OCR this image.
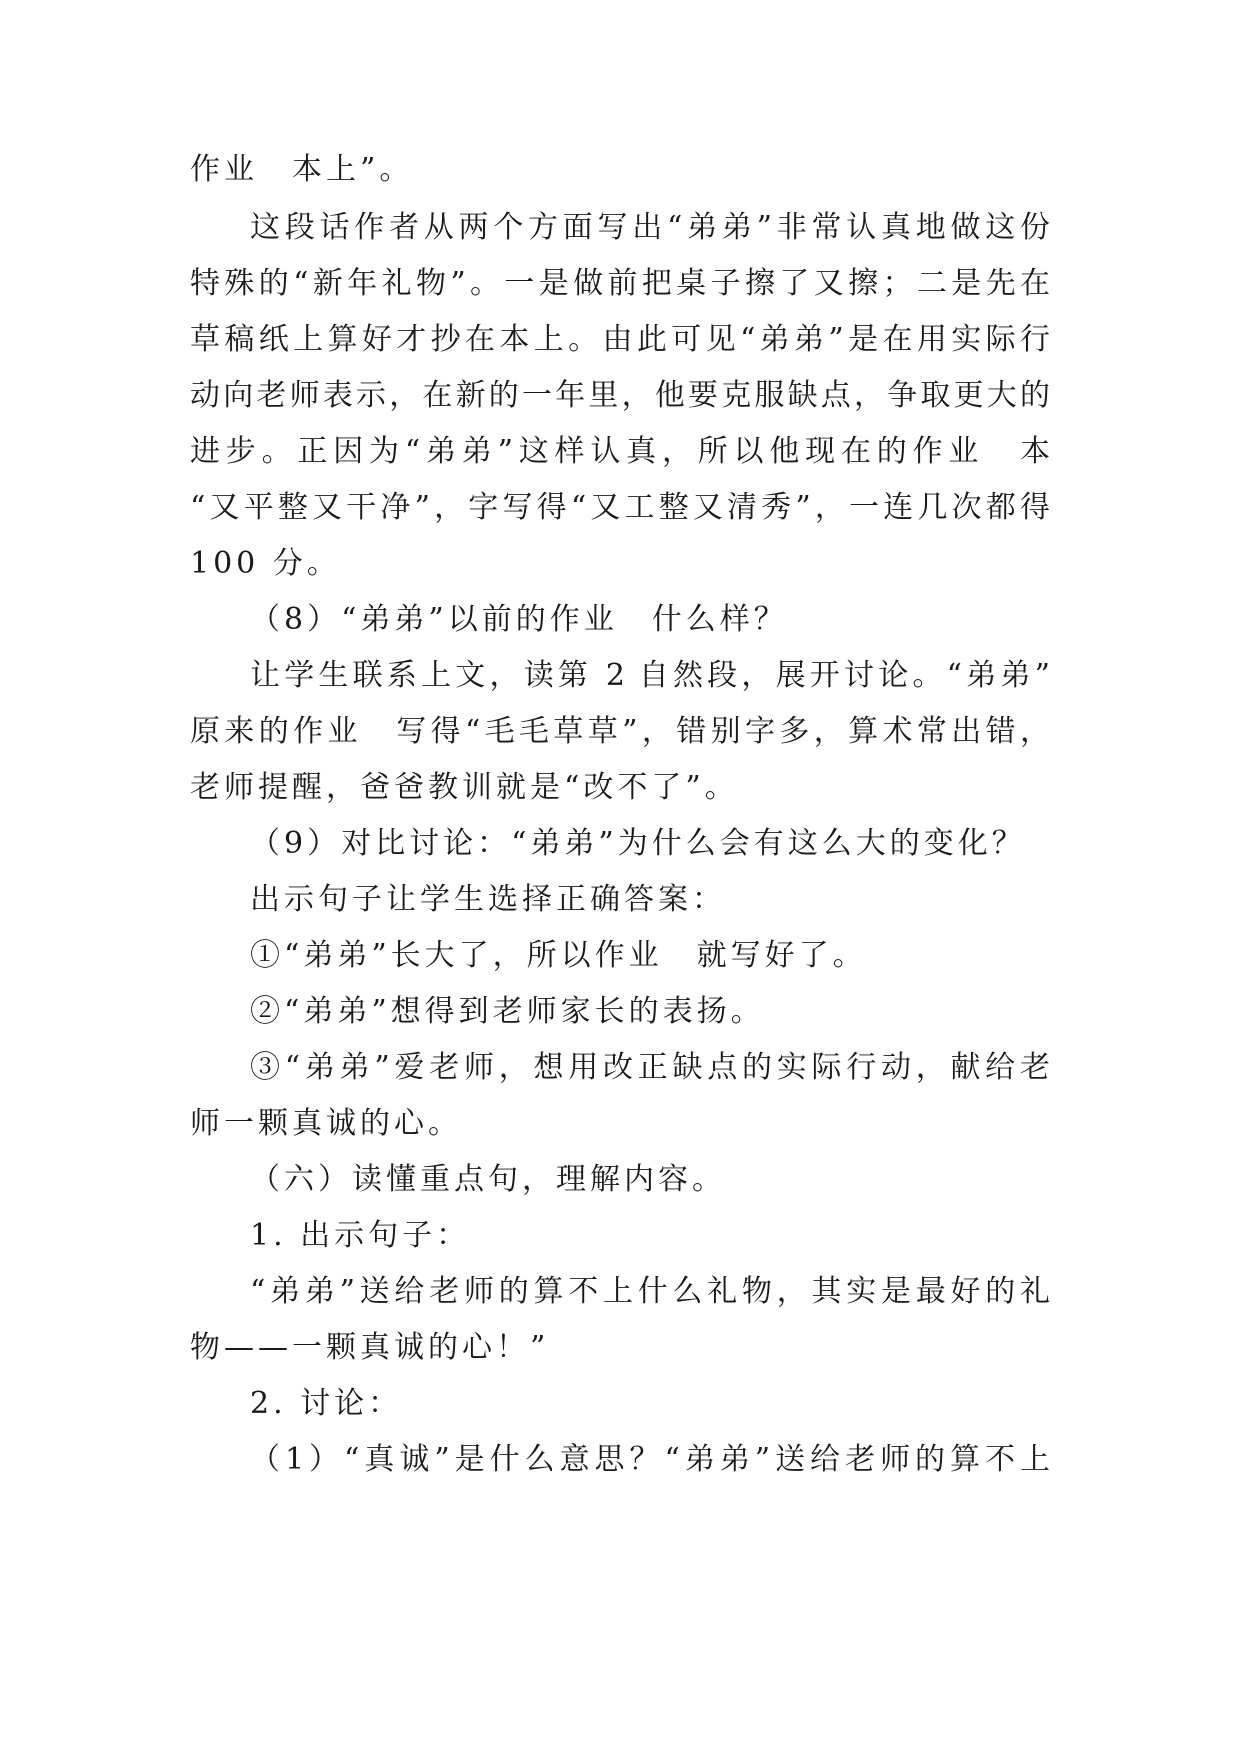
作业　本上”。
这段话作者从两个方面写出“弟弟”非常认真地做这份
特殊的“新年礼物”。一是做前把桌子擦了又擦；二是先在
草稿纸上算好才抄在本上。由此可见“弟弟”是在用实际行
动向老师表示，在新的一年里，他要克服缺点，争取更大的
进步。正因为“弟弟”这样认真，所以他现在的作业　本
“又平整又干净”，字写得“又工整又清秀”，一连几次都得
100 分。
（8）“弟弟”以前的作业　什么样？
让学生联系上文，读第 2 自然段，展开讨论。“弟弟”
原来的作业　写得“毛毛草草”，错别字多，算术常出错，
老师提醒，爸爸教训就是“改不了”。
（9）对比讨论：“弟弟”为什么会有这么大的变化？
出示句子让学生选择正确答案：
①“弟弟”长大了，所以作业　就写好了。
②“弟弟”想得到老师家长的表扬。
③“弟弟”爱老师，想用改正缺点的实际行动，献给老
师一颗真诚的心。
（六）读懂重点句，理解内容。
1. 出示句子：
“弟弟”送给老师的算不上什么礼物，其实是最好的礼
物——一颗真诚的心！”
2. 讨论：
（1）“真诚”是什么意思？“弟弟”送给老师的算不上
